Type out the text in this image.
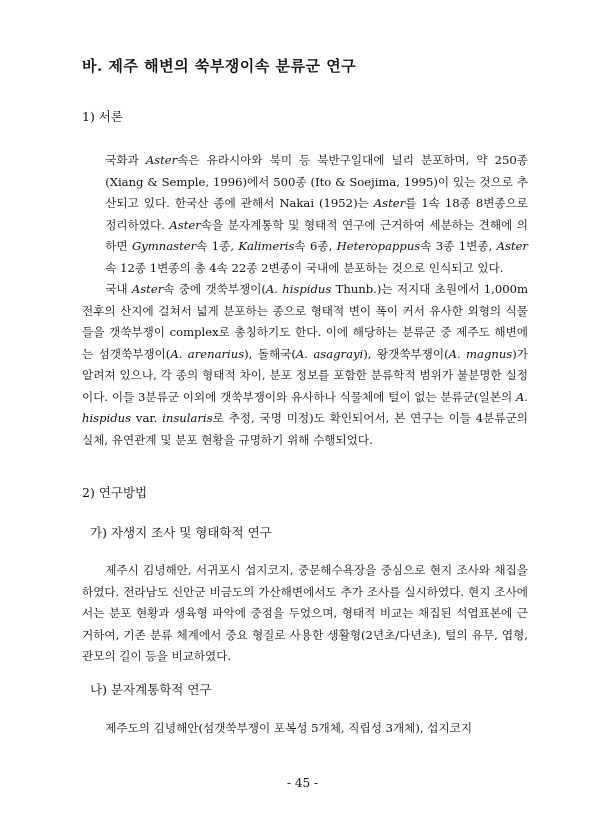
바. 제주 해변의 쑥부쟁이속 분류군 연구
1) 서론

국화과 Aster속은 유라시아와 북미 등 북반구일대에 널리 분포하며, 약 250종(Xiang & Semple, 1996)에서 500종 (Ito & Soejima, 1995)이 있는 것으로 추산되고 있다. 한국산 종에 관해서 Nakai (1952)는 Aster를 1속 18종 8변종으로 정리하였다. Aster속을 분자계통학 및 형태적 연구에 근거하여 세분하는 견해에 의하면 Gymnaster속 1종, Kalimeris속 6종, Heteropappus속 3종 1변종, Aster속 12종 1변종의 총 4속 22종 2변종이 국내에 분포하는 것으로 인식되고 있다.

국내 Aster속 중에 갯쑥부쟁이(A. hispidus Thunb.)는 저지대 초원에서 1,000m 전후의 산지에 걸쳐서 넓게 분포하는 종으로 형태적 변이 폭이 커서 유사한 외형의 식물들을 갯쑥부쟁이 complex로 총칭하기도 한다. 이에 해당하는 분류군 중 제주도 해변에는 섬갯쑥부쟁이(A. arenarius), 돌해국(A. asagrayi), 왕갯쑥부쟁이(A. magnus)가 알려져 있으나, 각 종의 형태적 차이, 분포 정보를 포함한 분류학적 범위가 불분명한 실정이다. 이들 3분류군 이외에 갯쑥부쟁이와 유사하나 식물체에 털이 없는 분류군(일본의 A. hispidus var. insularis로 추정, 국명 미정)도 확인되어서, 본 연구는 이들 4분류군의 실체, 유연관계 및 분포 현황을 규명하기 위해 수행되었다.

2) 연구방법
가) 자생지 조사 및 형태학적 연구

제주시 김녕해안, 서귀포시 섭지코지, 중문해수욕장을 중심으로 현지 조사와 채집을 하였다. 전라남도 신안군 비금도의 가산해변에서도 추가 조사를 실시하였다. 현지 조사에서는 분포 현황과 생육형 파악에 중점을 두었으며, 형태적 비교는 채집된 석엽표본에 근거하여, 기존 분류 체계에서 중요 형질로 사용한 생활형(2년초/다년초), 털의 유무, 엽형, 관모의 길이 등을 비교하였다.

나) 분자계통학적 연구

제주도의 김녕해안(섬갯쑥부쟁이 포복성 5개체, 직립성 3개체), 섭지코지

- 45 -
